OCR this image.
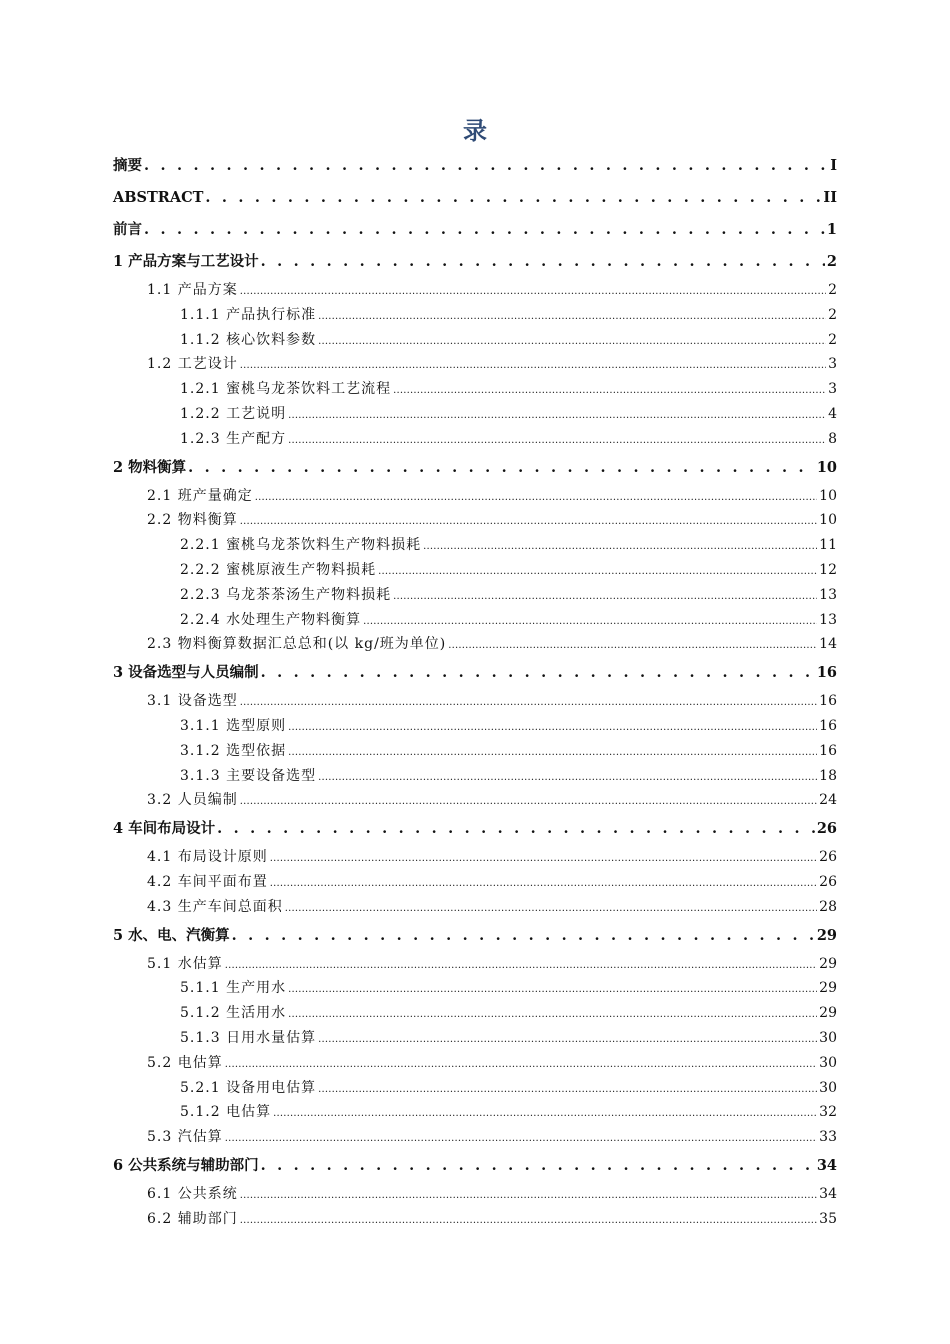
录
摘要 . . .	I
ABSTRACT . . .	II
前言 . . .	1
1 产品方案与工艺设计 . . .	2
1.1 产品方案 .....	2
1.1.1 产品执行标准 .....	2
1.1.2 核心饮料参数 .....	2
1.2 工艺设计 .....	3
1.2.1 蜜桃乌龙茶饮料工艺流程 .....	3
1.2.2 工艺说明 .....	4
1.2.3 生产配方 .....	8
2 物料衡算 . . .	10
2.1 班产量确定 .....	10
2.2 物料衡算 .....	10
2.2.1 蜜桃乌龙茶饮料生产物料损耗 .....	11
2.2.2 蜜桃原液生产物料损耗 .....	12
2.2.3 乌龙茶茶汤生产物料损耗 .....	13
2.2.4 水处理生产物料衡算 .....	13
2.3 物料衡算数据汇总总和(以 kg/班为单位) .....	14
3 设备选型与人员编制 . . .	16
3.1 设备选型 .....	16
3.1.1 选型原则 .....	16
3.1.2 选型依据 .....	16
3.1.3 主要设备选型 .....	18
3.2 人员编制 .....	24
4 车间布局设计 . . .	26
4.1 布局设计原则 .....	26
4.2 车间平面布置 .....	26
4.3 生产车间总面积 .....	28
5 水、电、汽衡算 . . .	29
5.1 水估算 .....	29
5.1.1 生产用水 .....	29
5.1.2 生活用水 .....	29
5.1.3 日用水量估算 .....	30
5.2 电估算 .....	30
5.2.1 设备用电估算 .....	30
5.1.2 电估算 .....	32
5.3 汽估算 .....	33
6 公共系统与辅助部门 . . .	34
6.1 公共系统 .....	34
6.2 辅助部门 .....	35
